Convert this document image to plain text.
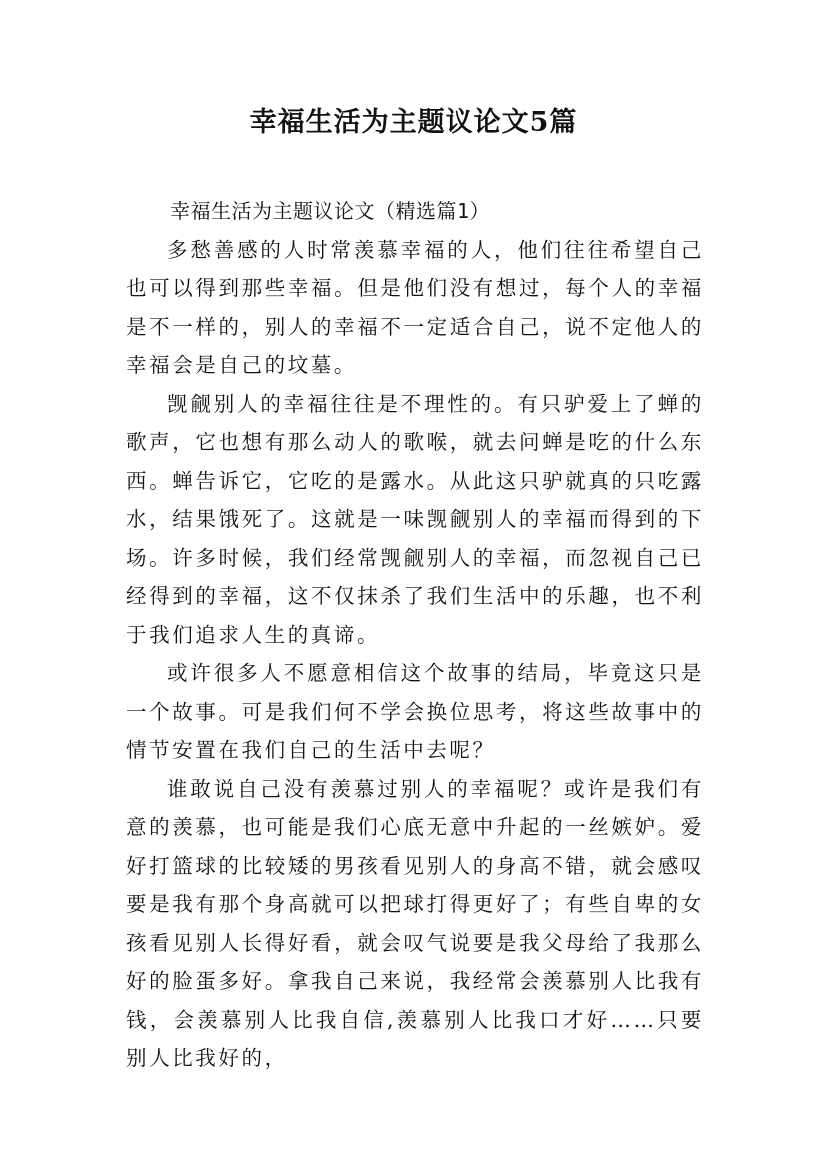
幸福生活为主题议论文5篇

幸福生活为主题议论文（精选篇1）

多愁善感的人时常羡慕幸福的人，他们往往希望自己也可以得到那些幸福。但是他们没有想过，每个人的幸福是不一样的，别人的幸福不一定适合自己，说不定他人的幸福会是自己的坟墓。

觊觎别人的幸福往往是不理性的。有只驴爱上了蝉的歌声，它也想有那么动人的歌喉，就去问蝉是吃的什么东西。蝉告诉它，它吃的是露水。从此这只驴就真的只吃露水，结果饿死了。这就是一味觊觎别人的幸福而得到的下场。许多时候，我们经常觊觎别人的幸福，而忽视自己已经得到的幸福，这不仅抹杀了我们生活中的乐趣，也不利于我们追求人生的真谛。

或许很多人不愿意相信这个故事的结局，毕竟这只是一个故事。可是我们何不学会换位思考，将这些故事中的情节安置在我们自己的生活中去呢？

谁敢说自己没有羡慕过别人的幸福呢？或许是我们有意的羡慕，也可能是我们心底无意中升起的一丝嫉妒。爱好打篮球的比较矮的男孩看见别人的身高不错，就会感叹要是我有那个身高就可以把球打得更好了；有些自卑的女孩看见别人长得好看，就会叹气说要是我父母给了我那么好的脸蛋多好。拿我自己来说，我经常会羡慕别人比我有钱，会羡慕别人比我自信,羡慕别人比我口才好……只要别人比我好的，
